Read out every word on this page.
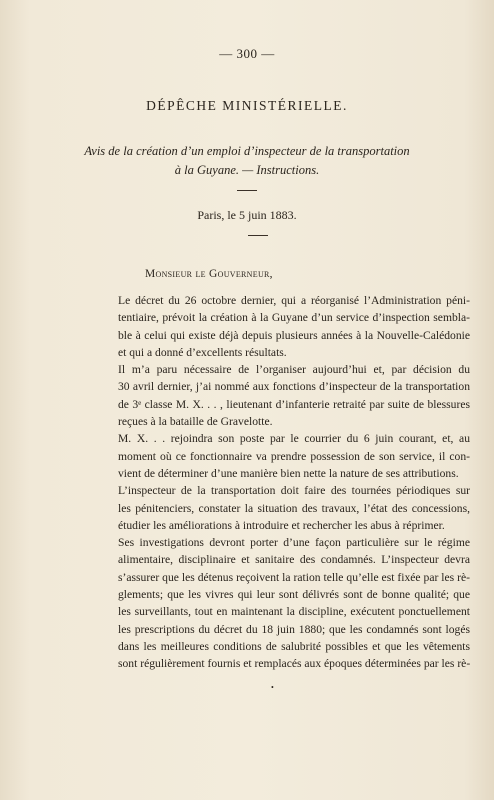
— 300 —
DÉPÊCHE MINISTÉRIELLE.
Avis de la création d’un emploi d’inspecteur de la transportation
à la Guyane. — Instructions.
Paris, le 5 juin 1883.
Monsieur le Gouverneur,
Le décret du 26 octobre dernier, qui a réorganisé l’Administration péni-
tentiaire, prévoit la création à la Guyane d’un service d’inspection sembla-
ble à celui qui existe déjà depuis plusieurs années à la Nouvelle-Calédonie
et qui a donné d’excellents résultats.
Il m’a paru nécessaire de l’organiser aujourd’hui et, par décision du
30 avril dernier, j’ai nommé aux fonctions d’inspecteur de la transportation
de 3ᵉ classe M. X. . . , lieutenant d’infanterie retraité par suite de blessures
reçues à la bataille de Gravelotte.
M. X. . . rejoindra son poste par le courrier du 6 juin courant, et, au
moment où ce fonctionnaire va prendre possession de son service, il con-
vient de déterminer d’une manière bien nette la nature de ses attributions.
L’inspecteur de la transportation doit faire des tournées périodiques sur
les pénitenciers, constater la situation des travaux, l’état des concessions,
étudier les améliorations à introduire et rechercher les abus à réprimer.
Ses investigations devront porter d’une façon particulière sur le régime
alimentaire, disciplinaire et sanitaire des condamnés. L’inspecteur devra
s’assurer que les détenus reçoivent la ration telle qu’elle est fixée par les rè-
glements; que les vivres qui leur sont délivrés sont de bonne qualité; que
les surveillants, tout en maintenant la discipline, exécutent ponctuellement
les prescriptions du décret du 18 juin 1880; que les condamnés sont logés
dans les meilleures conditions de salubrité possibles et que les vêtements
sont régulièrement fournis et remplacés aux époques déterminées par les rè-
•
